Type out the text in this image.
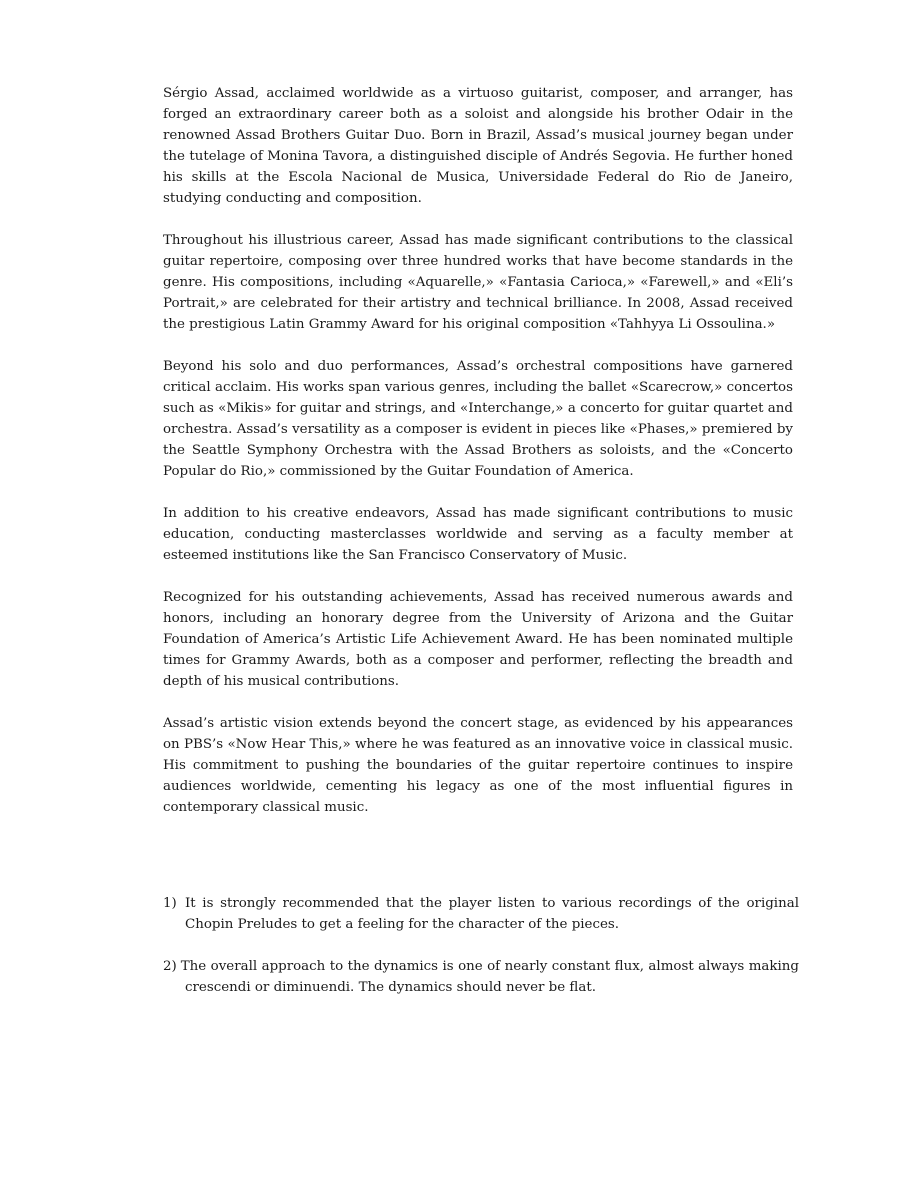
Sérgio Assad, acclaimed worldwide as a virtuoso guitarist, composer, and arranger, has forged an extraordinary career both as a soloist and alongside his brother Odair in the renowned Assad Brothers Guitar Duo. Born in Brazil, Assad’s musical journey began under the tutelage of Monina Tavora, a distinguished disciple of Andrés Segovia. He further honed his skills at the Escola Nacional de Musica, Universidade Federal do Rio de Janeiro, studying conducting and composition.

Throughout his illustrious career, Assad has made significant contributions to the classical guitar repertoire, composing over three hundred works that have become standards in the genre. His compositions, including «Aquarelle,» «Fantasia Carioca,» «Farewell,» and «Eli’s Portrait,» are celebrated for their artistry and technical brilliance. In 2008, Assad received the prestigious Latin Grammy Award for his original composition «Tahhyya Li Ossoulina.»

Beyond his solo and duo performances, Assad’s orchestral compositions have garnered critical acclaim. His works span various genres, including the ballet «Scarecrow,» concertos such as «Mikis» for guitar and strings, and «Interchange,» a concerto for guitar quartet and orchestra. Assad’s versatility as a composer is evident in pieces like «Phases,» premiered by the Seattle Symphony Orchestra with the Assad Brothers as soloists, and the «Concerto Popular do Rio,» commissioned by the Guitar Foundation of America.

In addition to his creative endeavors, Assad has made significant contributions to music education, conducting masterclasses worldwide and serving as a faculty member at esteemed institutions like the San Francisco Conservatory of Music.

Recognized for his outstanding achievements, Assad has received numerous awards and honors, including an honorary degree from the University of Arizona and the Guitar Foundation of America’s Artistic Life Achievement Award. He has been nominated multiple times for Grammy Awards, both as a composer and performer, reflecting the breadth and depth of his musical contributions.

Assad’s artistic vision extends beyond the concert stage, as evidenced by his appearances on PBS’s «Now Hear This,» where he was featured as an innovative voice in classical music. His commitment to pushing the boundaries of the guitar repertoire continues to inspire audiences worldwide, cementing his legacy as one of the most influential figures in contemporary classical music.

1) It is strongly recommended that the player listen to various recordings of the original Chopin Preludes to get a feeling for the character of the pieces.
2) The overall approach to the dynamics is one of nearly constant flux, almost always making crescendi or diminuendi. The dynamics should never be flat.
